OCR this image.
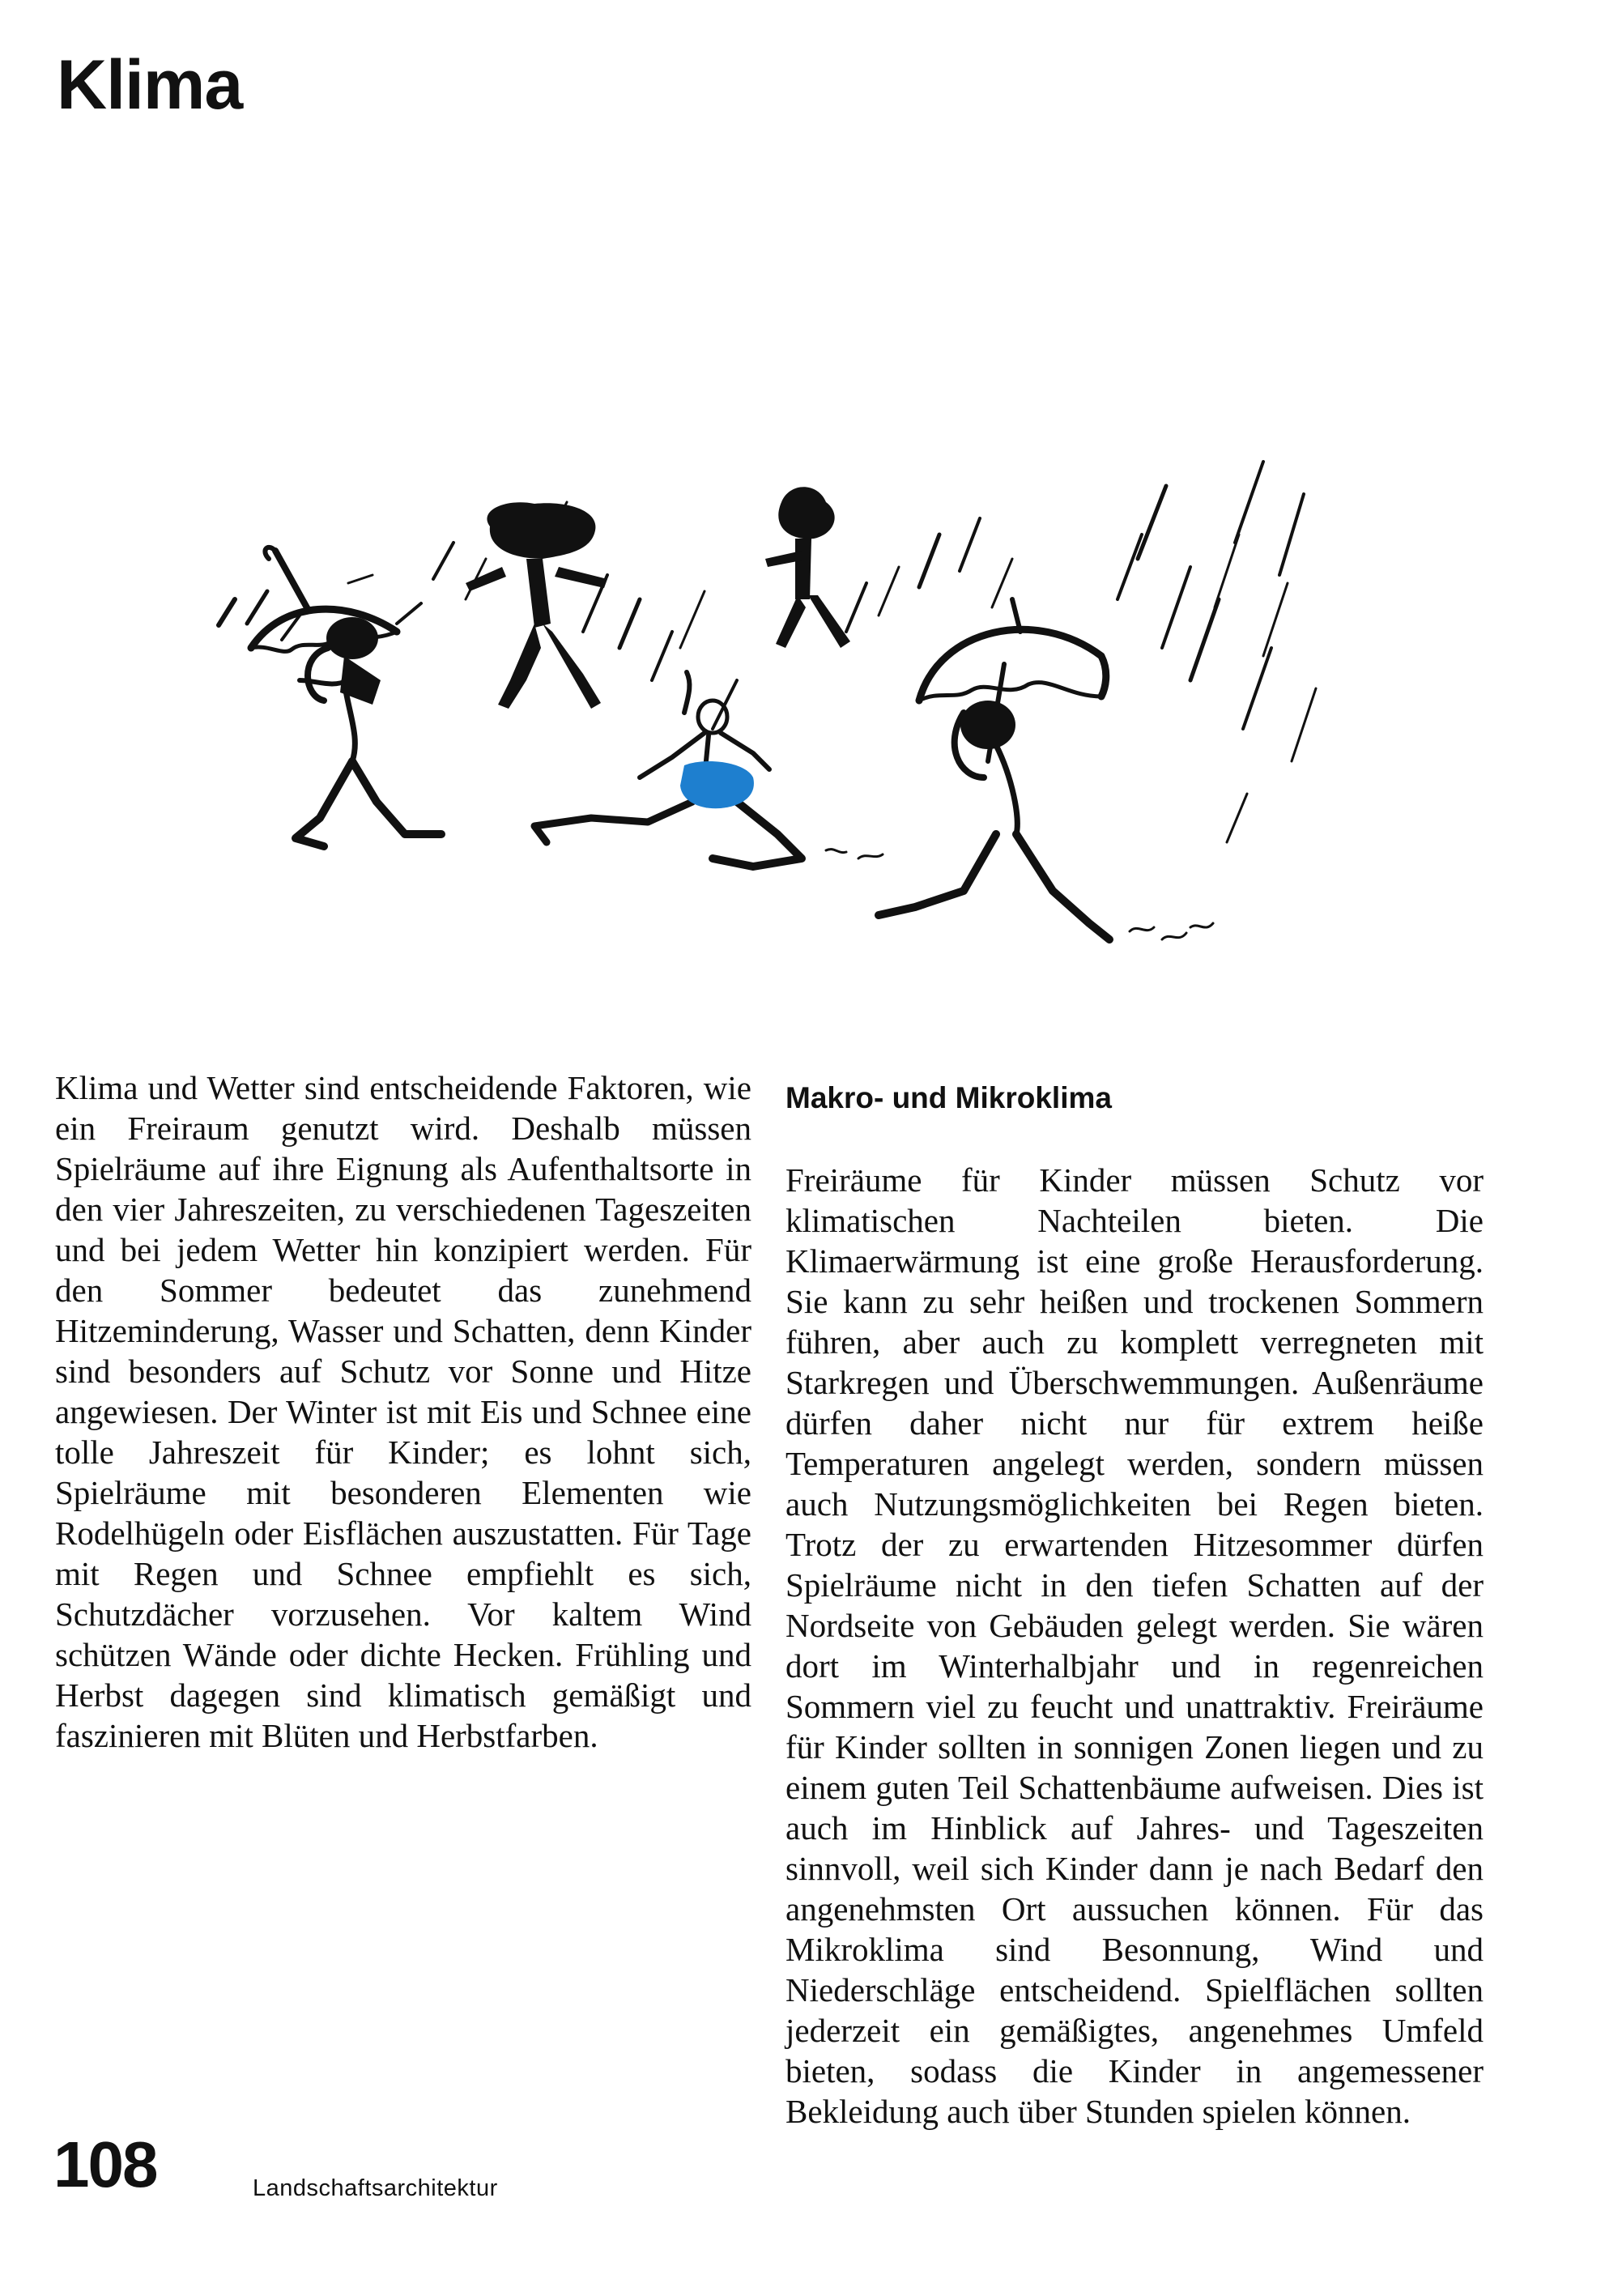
Klima

Klima und Wetter sind entscheidende Faktoren, wie ein Freiraum genutzt wird. Deshalb müssen Spielräume auf ihre Eignung als Aufenthaltsorte in den vier Jahreszeiten, zu verschiedenen Tageszeiten und bei jedem Wetter hin konzipiert werden. Für den Sommer bedeutet das zunehmend Hitzeminderung, Wasser und Schatten, denn Kinder sind besonders auf Schutz vor Sonne und Hitze angewiesen. Der Winter ist mit Eis und Schnee eine tolle Jahreszeit für Kinder; es lohnt sich, Spielräume mit besonderen Elementen wie Rodelhügeln oder Eisflächen auszustatten. Für Tage mit Regen und Schnee empfiehlt es sich, Schutzdächer vorzusehen. Vor kaltem Wind schützen Wände oder dichte Hecken. Frühling und Herbst dagegen sind klimatisch gemäßigt und faszinieren mit Blüten und Herbstfarben.

Makro- und Mikroklima

Freiräume für Kinder müssen Schutz vor klimatischen Nachteilen bieten. Die Klimaerwärmung ist eine große Herausforderung. Sie kann zu sehr heißen und trockenen Sommern führen, aber auch zu komplett verregneten mit Starkregen und Überschwemmungen. Außenräume dürfen daher nicht nur für extrem heiße Temperaturen angelegt werden, sondern müssen auch Nutzungsmöglichkeiten bei Regen bieten. Trotz der zu erwartenden Hitzesommer dürfen Spielräume nicht in den tiefen Schatten auf der Nordseite von Gebäuden gelegt werden. Sie wären dort im Winterhalbjahr und in regenreichen Sommern viel zu feucht und unattraktiv. Freiräume für Kinder sollten in sonnigen Zonen liegen und zu einem guten Teil Schattenbäume aufweisen. Dies ist auch im Hinblick auf Jahres- und Tageszeiten sinnvoll, weil sich Kinder dann je nach Bedarf den angenehmsten Ort aussuchen können. Für das Mikroklima sind Besonnung, Wind und Niederschläge entscheidend. Spielflächen sollten jederzeit ein gemäßigtes, angenehmes Umfeld bieten, sodass die Kinder in angemessener Bekleidung auch über Stunden spielen können.

108	Landschaftsarchitektur
